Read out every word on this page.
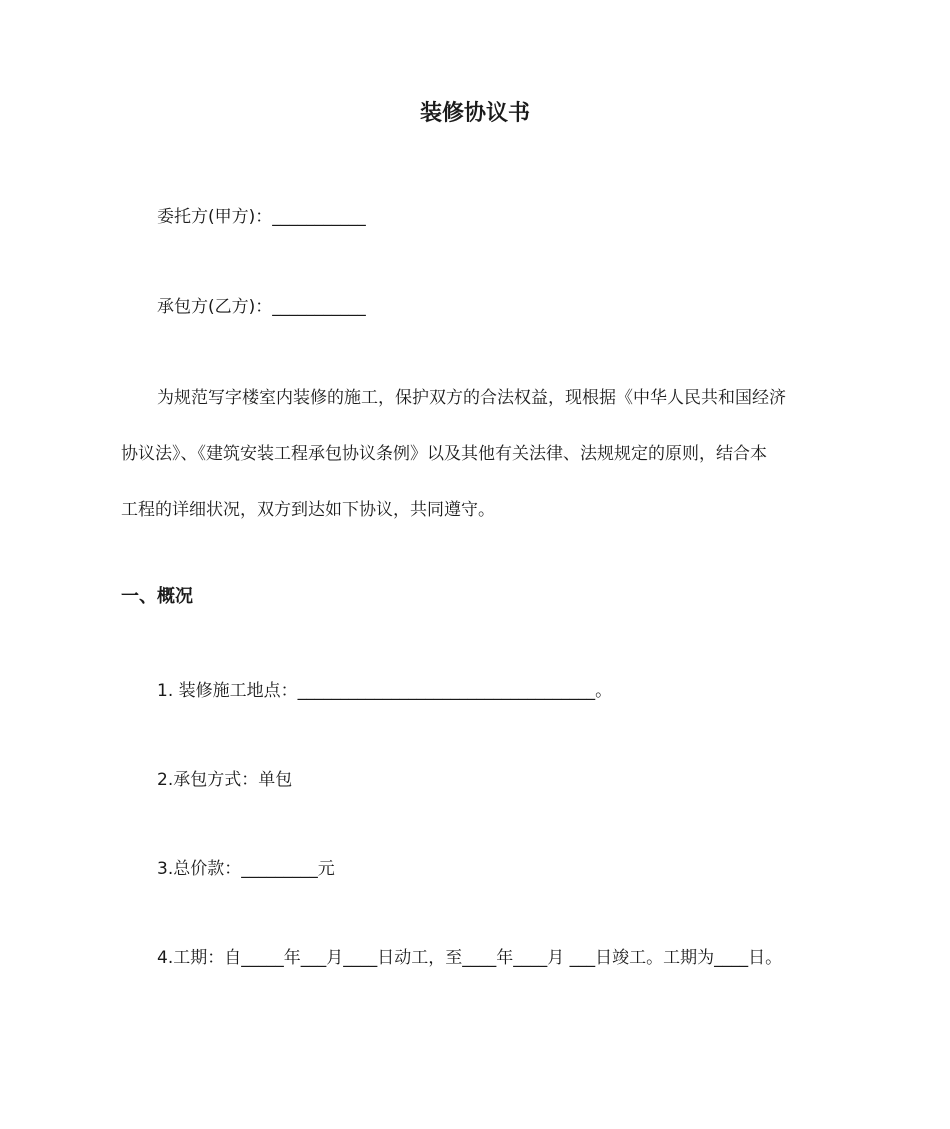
装修协议书
委托方(甲方)：___________
承包方(乙方)：___________
为规范写字楼室内装修的施工，保护双方的合法权益，现根据《中华人民共和国经济
协议法》、《建筑安装工程承包协议条例》以及其他有关法律、法规规定的原则，结合本
工程的详细状况，双方到达如下协议，共同遵守。
一、概况
1. 装修施工地点：___________________________________。
2.承包方式：单包
3.总价款：_________元
4.工期：自_____年___月____日动工，至____年____月 ___日竣工。工期为____日。
